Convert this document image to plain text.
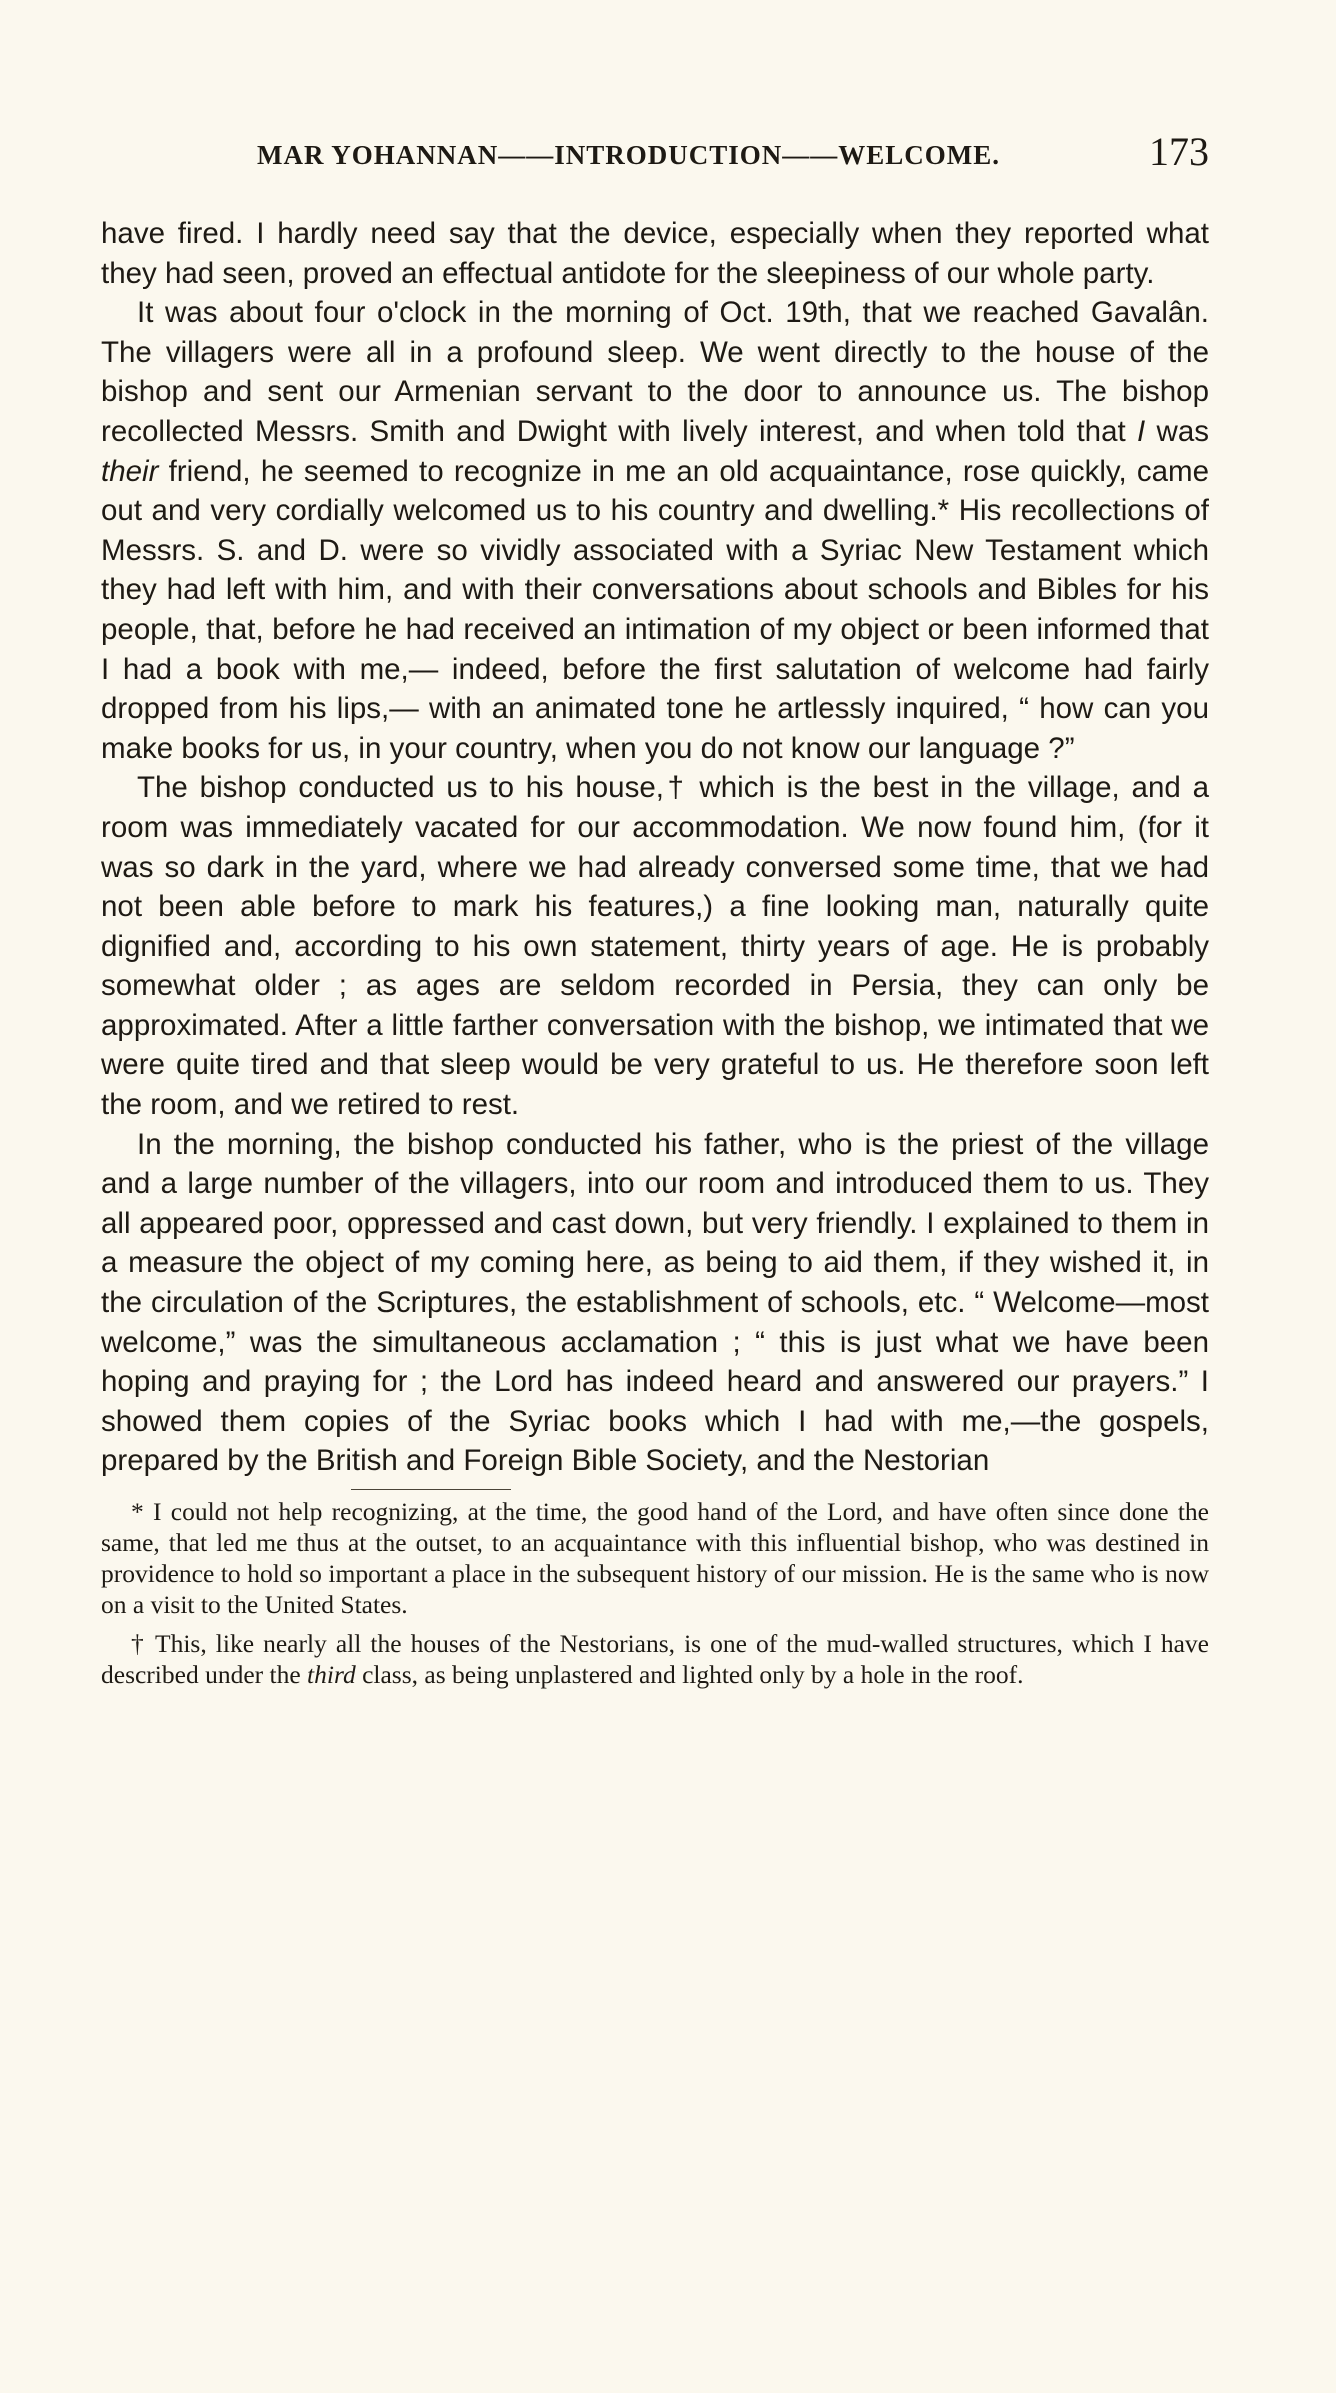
MAR YOHANNAN——INTRODUCTION——WELCOME.	173

have fired. I hardly need say that the device, especially when they reported what they had seen, proved an effectual antidote for the sleepiness of our whole party.

It was about four o'clock in the morning of Oct. 19th, that we reached Gavalân. The villagers were all in a profound sleep. We went directly to the house of the bishop and sent our Armenian servant to the door to announce us. The bishop recollected Messrs. Smith and Dwight with lively interest, and when told that I was their friend, he seemed to recognize in me an old acquaintance, rose quickly, came out and very cordially welcomed us to his country and dwelling.* His recollections of Messrs. S. and D. were so vividly associated with a Syriac New Testament which they had left with him, and with their conversations about schools and Bibles for his people, that, before he had received an intimation of my object or been informed that I had a book with me,— indeed, before the first salutation of welcome had fairly dropped from his lips,— with an animated tone he artlessly inquired, “ how can you make books for us, in your country, when you do not know our language ?”

The bishop conducted us to his house,† which is the best in the village, and a room was immediately vacated for our accommodation. We now found him, (for it was so dark in the yard, where we had already conversed some time, that we had not been able before to mark his features,) a fine looking man, naturally quite dignified and, according to his own statement, thirty years of age. He is probably somewhat older ; as ages are seldom recorded in Persia, they can only be approximated. After a little farther conversation with the bishop, we intimated that we were quite tired and that sleep would be very grateful to us. He therefore soon left the room, and we retired to rest.

In the morning, the bishop conducted his father, who is the priest of the village and a large number of the villagers, into our room and introduced them to us. They all appeared poor, oppressed and cast down, but very friendly. I explained to them in a measure the object of my coming here, as being to aid them, if they wished it, in the circulation of the Scriptures, the establishment of schools, etc. “ Welcome—most welcome,” was the simultaneous acclamation ; “ this is just what we have been hoping and praying for ; the Lord has indeed heard and answered our prayers.” I showed them copies of the Syriac books which I had with me,—the gospels, prepared by the British and Foreign Bible Society, and the Nestorian

* I could not help recognizing, at the time, the good hand of the Lord, and have often since done the same, that led me thus at the outset, to an acquaintance with this influential bishop, who was destined in providence to hold so important a place in the subsequent history of our mission. He is the same who is now on a visit to the United States.

† This, like nearly all the houses of the Nestorians, is one of the mud-walled structures, which I have described under the third class, as being unplastered and lighted only by a hole in the roof.
